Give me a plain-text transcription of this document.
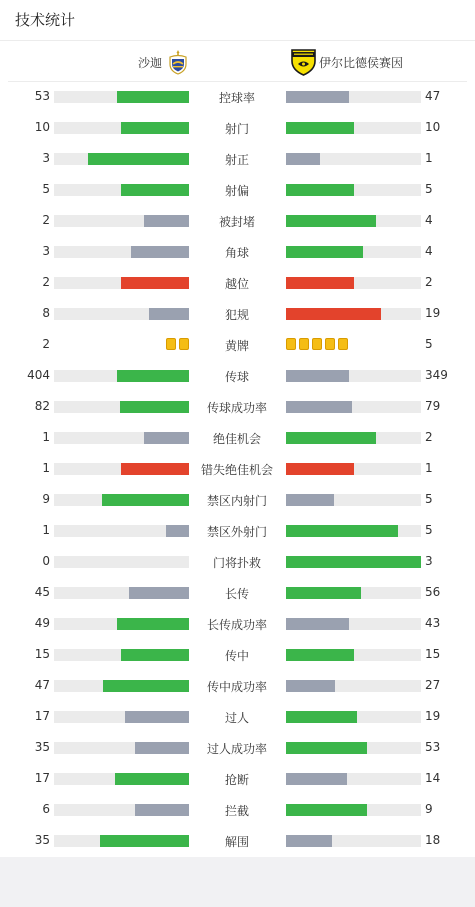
技术统计
沙迦	伊尔比德侯赛因
53	控球率	47
10	射门	10
3	射正	1
5	射偏	5
2	被封堵	4
3	角球	4
2	越位	2
8	犯规	19
2	黄牌	5
404	传球	349
82	传球成功率	79
1	绝佳机会	2
1	错失绝佳机会	1
9	禁区内射门	5
1	禁区外射门	5
0	门将扑救	3
45	长传	56
49	长传成功率	43
15	传中	15
47	传中成功率	27
17	过人	19
35	过人成功率	53
17	抢断	14
6	拦截	9
35	解围	18
